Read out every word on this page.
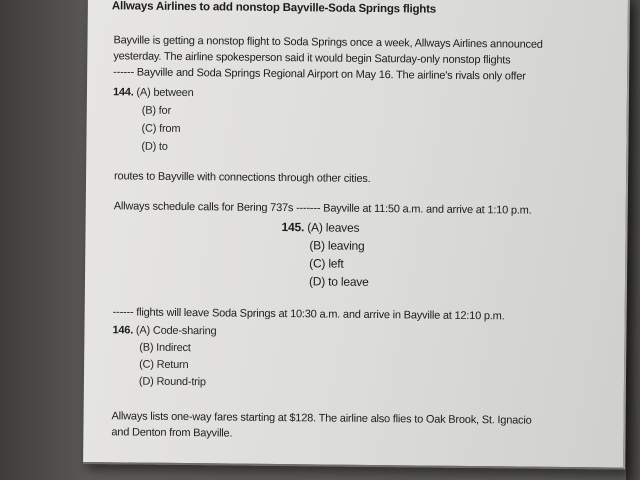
Allways Airlines to add nonstop Bayville-Soda Springs flights
Bayville is getting a nonstop flight to Soda Springs once a week, Allways Airlines announced
yesterday. The airline spokesperson said it would begin Saturday-only nonstop flights
------ Bayville and Soda Springs Regional Airport on May 16. The airline's rivals only offer
144. (A) between
(B) for
(C) from
(D) to
routes to Bayville with connections through other cities.
Allways schedule calls for Bering 737s ------- Bayville at 11:50 a.m. and arrive at 1:10 p.m.
145. (A) leaves
(B) leaving
(C) left
(D) to leave
------ flights will leave Soda Springs at 10:30 a.m. and arrive in Bayville at 12:10 p.m.
146. (A) Code-sharing
(B) Indirect
(C) Return
(D) Round-trip
Allways lists one-way fares starting at $128. The airline also flies to Oak Brook, St. Ignacio
and Denton from Bayville.
